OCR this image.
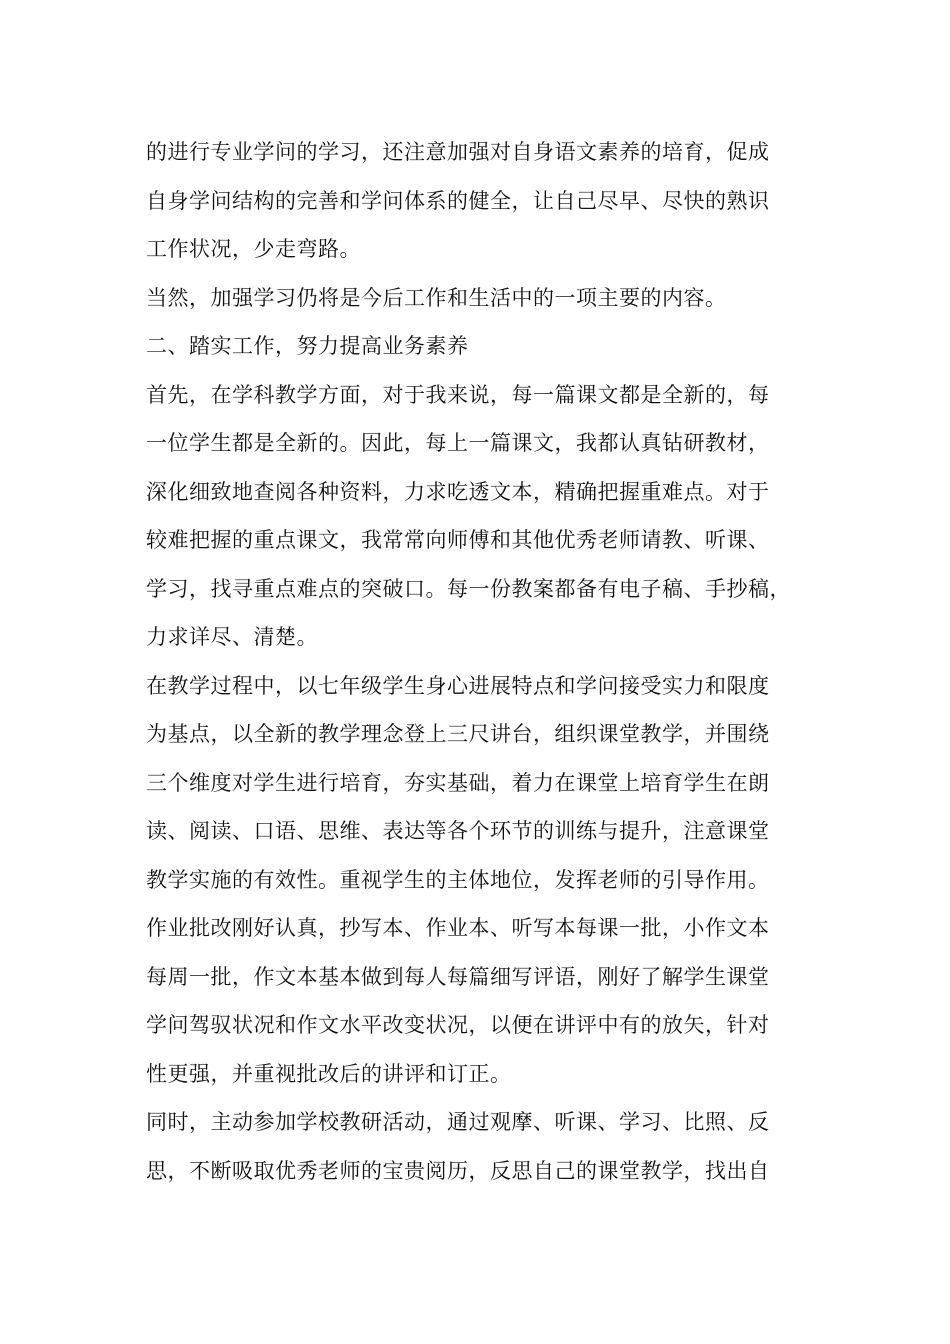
的进行专业学问的学习，还注意加强对自身语文素养的培育，促成
自身学问结构的完善和学问体系的健全，让自己尽早、尽快的熟识
工作状况，少走弯路。
当然，加强学习仍将是今后工作和生活中的一项主要的内容。
二、踏实工作，努力提高业务素养
首先，在学科教学方面，对于我来说，每一篇课文都是全新的，每
一位学生都是全新的。因此，每上一篇课文，我都认真钻研教材，
深化细致地查阅各种资料，力求吃透文本，精确把握重难点。对于
较难把握的重点课文，我常常向师傅和其他优秀老师请教、听课、
学习，找寻重点难点的突破口。每一份教案都备有电子稿、手抄稿，
力求详尽、清楚。
在教学过程中，以七年级学生身心进展特点和学问接受实力和限度
为基点，以全新的教学理念登上三尺讲台，组织课堂教学，并围绕
三个维度对学生进行培育，夯实基础，着力在课堂上培育学生在朗
读、阅读、口语、思维、表达等各个环节的训练与提升，注意课堂
教学实施的有效性。重视学生的主体地位，发挥老师的引导作用。
作业批改刚好认真，抄写本、作业本、听写本每课一批，小作文本
每周一批，作文本基本做到每人每篇细写评语，刚好了解学生课堂
学问驾驭状况和作文水平改变状况，以便在讲评中有的放矢，针对
性更强，并重视批改后的讲评和订正。
同时，主动参加学校教研活动，通过观摩、听课、学习、比照、反
思，不断吸取优秀老师的宝贵阅历，反思自己的课堂教学，找出自
